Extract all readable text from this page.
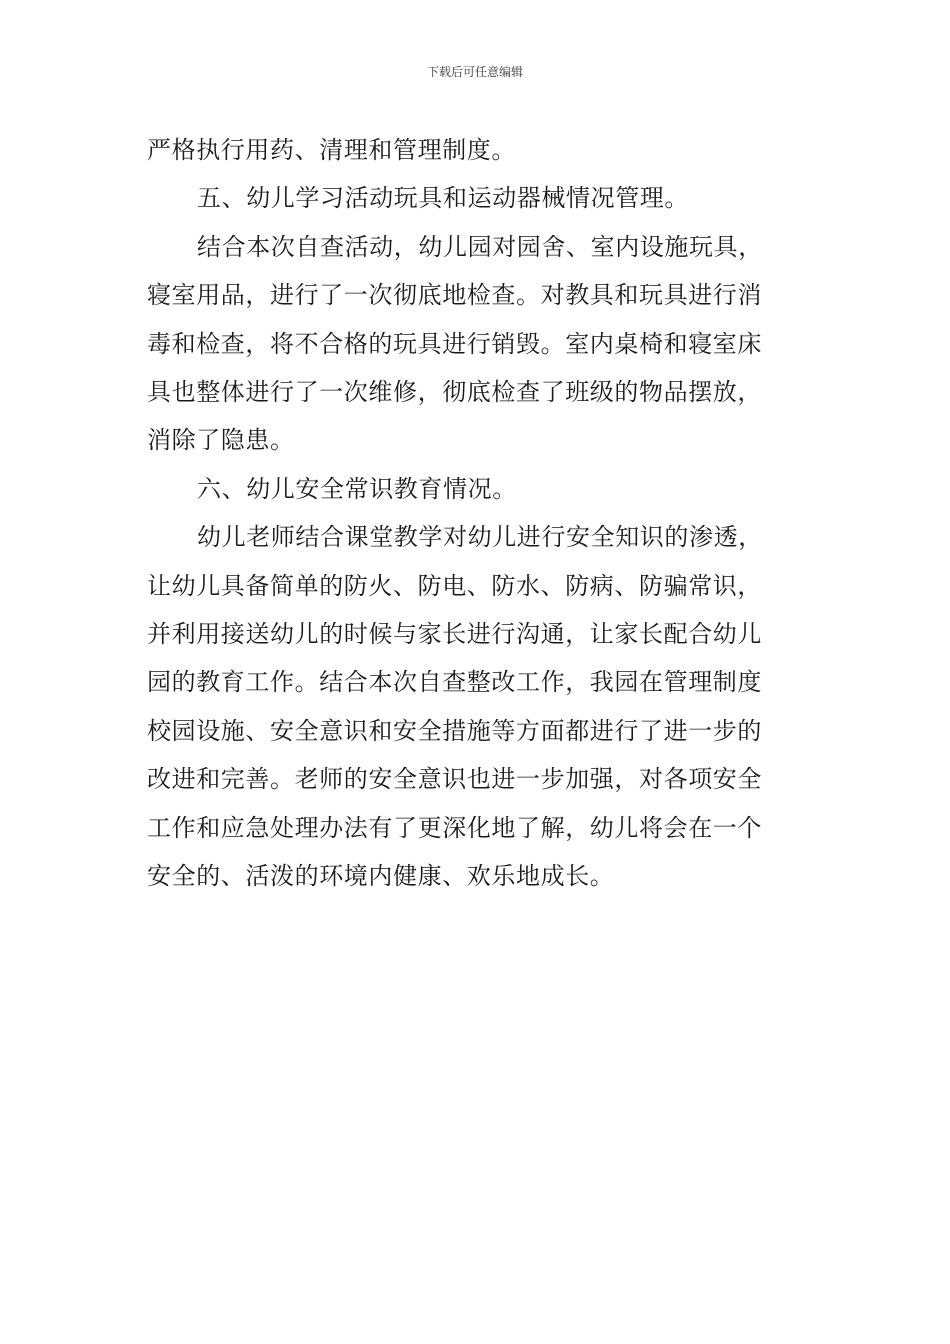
下载后可任意编辑
严格执行用药、清理和管理制度。
五、幼儿学习活动玩具和运动器械情况管理。
结合本次自查活动，幼儿园对园舍、室内设施玩具，
寝室用品，进行了一次彻底地检查。对教具和玩具进行消
毒和检查，将不合格的玩具进行销毁。室内桌椅和寝室床
具也整体进行了一次维修，彻底检查了班级的物品摆放，
消除了隐患。
六、幼儿安全常识教育情况。
幼儿老师结合课堂教学对幼儿进行安全知识的渗透，
让幼儿具备简单的防火、防电、防水、防病、防骗常识，
并利用接送幼儿的时候与家长进行沟通，让家长配合幼儿
园的教育工作。结合本次自查整改工作，我园在管理制度
校园设施、安全意识和安全措施等方面都进行了进一步的
改进和完善。老师的安全意识也进一步加强，对各项安全
工作和应急处理办法有了更深化地了解，幼儿将会在一个
安全的、活泼的环境内健康、欢乐地成长。
